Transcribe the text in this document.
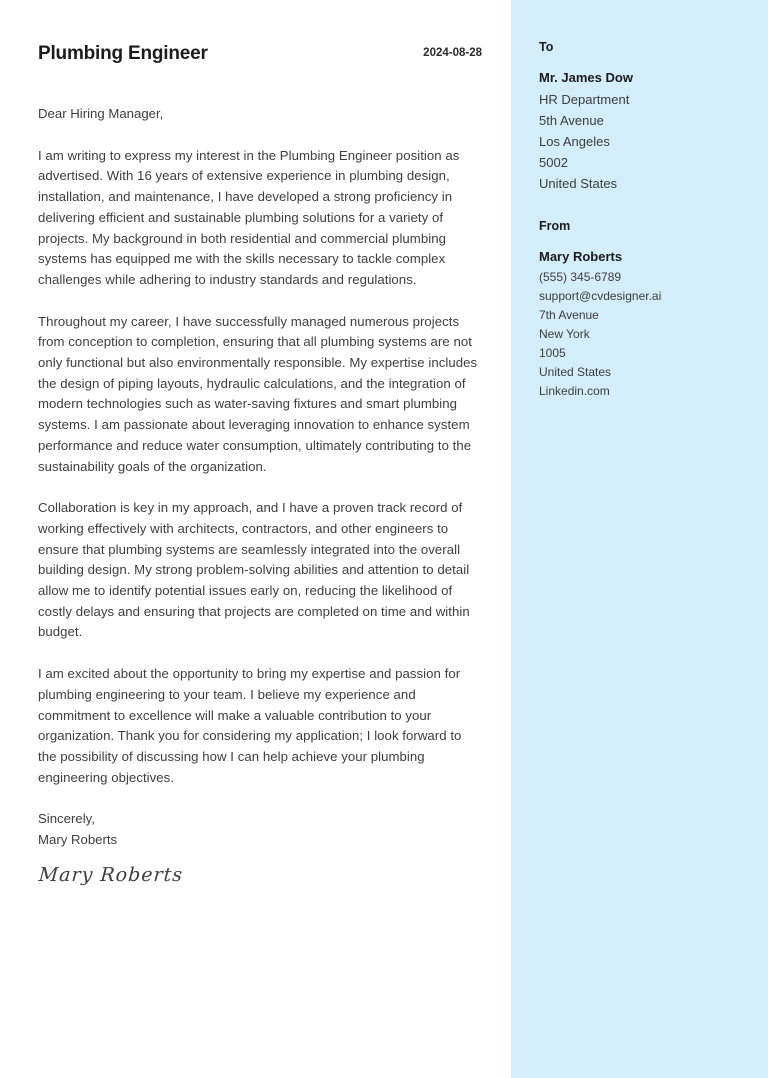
Plumbing Engineer	2024-08-28
Dear Hiring Manager,
I am writing to express my interest in the Plumbing Engineer position as advertised. With 16 years of extensive experience in plumbing design, installation, and maintenance, I have developed a strong proficiency in delivering efficient and sustainable plumbing solutions for a variety of projects. My background in both residential and commercial plumbing systems has equipped me with the skills necessary to tackle complex challenges while adhering to industry standards and regulations.
Throughout my career, I have successfully managed numerous projects from conception to completion, ensuring that all plumbing systems are not only functional but also environmentally responsible. My expertise includes the design of piping layouts, hydraulic calculations, and the integration of modern technologies such as water-saving fixtures and smart plumbing systems. I am passionate about leveraging innovation to enhance system performance and reduce water consumption, ultimately contributing to the sustainability goals of the organization.
Collaboration is key in my approach, and I have a proven track record of working effectively with architects, contractors, and other engineers to ensure that plumbing systems are seamlessly integrated into the overall building design. My strong problem-solving abilities and attention to detail allow me to identify potential issues early on, reducing the likelihood of costly delays and ensuring that projects are completed on time and within budget.
I am excited about the opportunity to bring my expertise and passion for plumbing engineering to your team. I believe my experience and commitment to excellence will make a valuable contribution to your organization. Thank you for considering my application; I look forward to the possibility of discussing how I can help achieve your plumbing engineering objectives.
Sincerely,
Mary Roberts
Mary Roberts
To
Mr. James Dow
HR Department
5th Avenue
Los Angeles
5002
United States
From
Mary Roberts
(555) 345-6789
support@cvdesigner.ai
7th Avenue
New York
1005
United States
Linkedin.com
